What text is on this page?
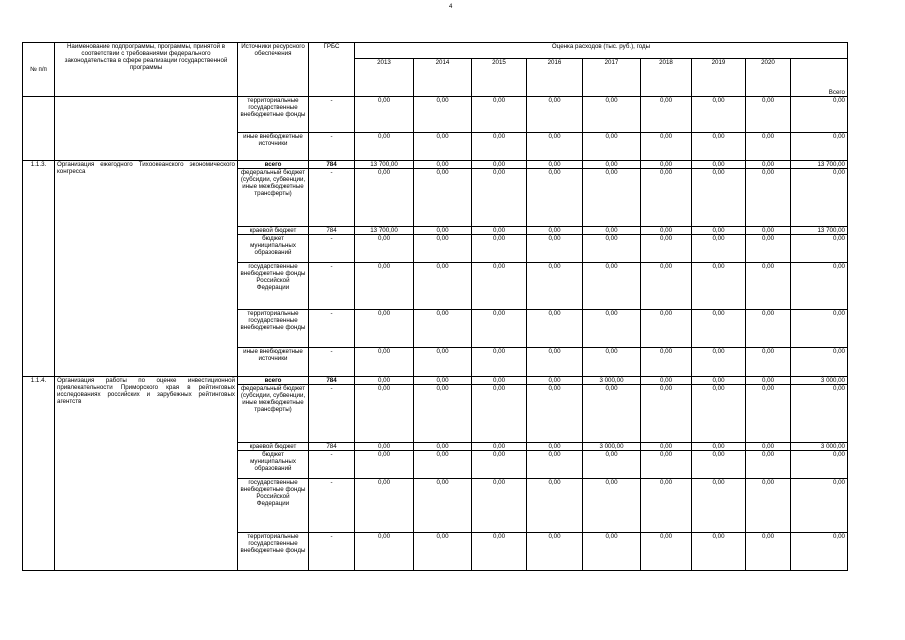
4
№ п/п	Наименование подпрограммы, программы, принятой в соответствии с требованиями федерального законодательства в сфере реализации государственной программы	Источники ресурсного обеспечения	ГРБС	Оценка расходов (тыс. руб.), годы								
				2013	2014	2015	2016	2017	2018	2019	2020	Всего
		территориальные государственные внебюджетные фонды	-	0,00	0,00	0,00	0,00	0,00	0,00	0,00	0,00	0,00
		иные внебюджетные источники	-	0,00	0,00	0,00	0,00	0,00	0,00	0,00	0,00	0,00
1.1.3.	Организация ежегодного Тихоокеанского экономического конгресса	всего	784	13 700,00	0,00	0,00	0,00	0,00	0,00	0,00	0,00	13 700,00
		федеральный бюджет (субсидии, субвенции, иные межбюджетные трансферты)	-	0,00	0,00	0,00	0,00	0,00	0,00	0,00	0,00	0,00
		краевой бюджет	784	13 700,00	0,00	0,00	0,00	0,00	0,00	0,00	0,00	13 700,00
		бюджет муниципальных образований	-	0,00	0,00	0,00	0,00	0,00	0,00	0,00	0,00	0,00
		государственные внебюджетные фонды Российской Федерации	-	0,00	0,00	0,00	0,00	0,00	0,00	0,00	0,00	0,00
		территориальные государственные внебюджетные фонды	-	0,00	0,00	0,00	0,00	0,00	0,00	0,00	0,00	0,00
		иные внебюджетные источники	-	0,00	0,00	0,00	0,00	0,00	0,00	0,00	0,00	0,00
1.1.4.	Организация работы по оценке инвестиционной привлекательности Приморского края в рейтинговых исследованиях российских и зарубежных рейтинговых агентств	всего	784	0,00	0,00	0,00	0,00	3 000,00	0,00	0,00	0,00	3 000,00
		федеральный бюджет (субсидии, субвенции, иные межбюджетные трансферты)	-	0,00	0,00	0,00	0,00	0,00	0,00	0,00	0,00	0,00
		краевой бюджет	784	0,00	0,00	0,00	0,00	3 000,00	0,00	0,00	0,00	3 000,00
		бюджет муниципальных образований	-	0,00	0,00	0,00	0,00	0,00	0,00	0,00	0,00	0,00
		государственные внебюджетные фонды Российской Федерации	-	0,00	0,00	0,00	0,00	0,00	0,00	0,00	0,00	0,00
		территориальные государственные внебюджетные фонды	-	0,00	0,00	0,00	0,00	0,00	0,00	0,00	0,00	0,00
